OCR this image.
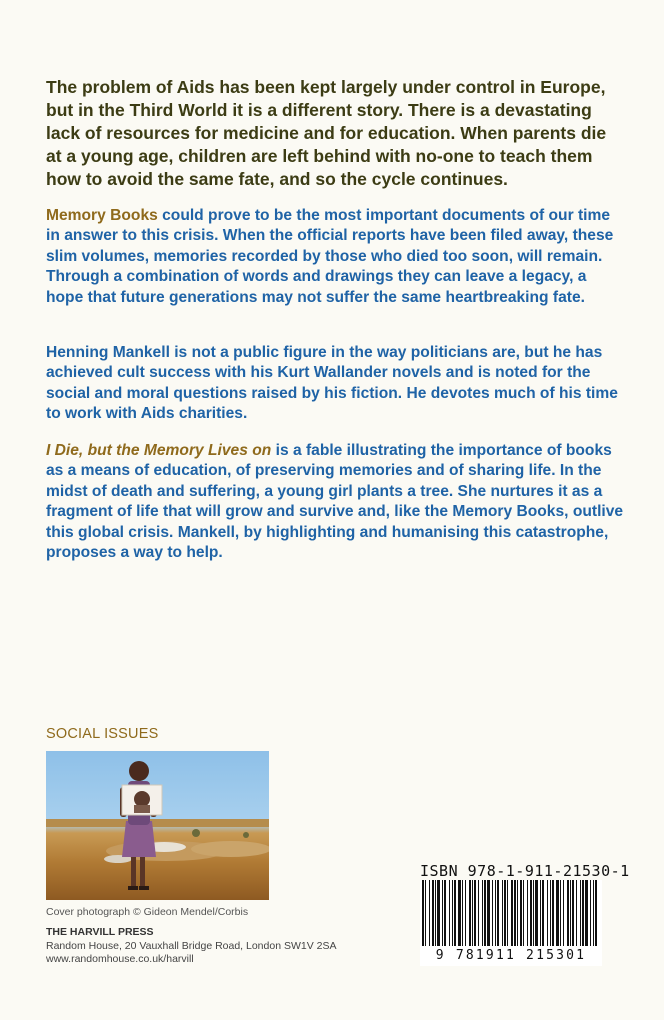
The problem of Aids has been kept largely under control in Europe, but in the Third World it is a different story. There is a devastating lack of resources for medicine and for education. When parents die at a young age, children are left behind with no-one to teach them how to avoid the same fate, and so the cycle continues.

Memory Books could prove to be the most important documents of our time in answer to this crisis. When the official reports have been filed away, these slim volumes, memories recorded by those who died too soon, will remain. Through a combination of words and drawings they can leave a legacy, a hope that future generations may not suffer the same heartbreaking fate.

Henning Mankell is not a public figure in the way politicians are, but he has achieved cult success with his Kurt Wallander novels and is noted for the social and moral questions raised by his fiction. He devotes much of his time to work with Aids charities.

I Die, but the Memory Lives on is a fable illustrating the importance of books as a means of education, of preserving memories and of sharing life. In the midst of death and suffering, a young girl plants a tree. She nurtures it as a fragment of life that will grow and survive and, like the Memory Books, outlive this global crisis. Mankell, by highlighting and humanising this catastrophe, proposes a way to help.

SOCIAL ISSUES
Cover photograph © Gideon Mendel/Corbis
THE HARVILL PRESS
Random House, 20 Vauxhall Bridge Road, London SW1V 2SA
www.randomhouse.co.uk/harvill
ISBN 978-1-911-21530-1
9 781911 215301
